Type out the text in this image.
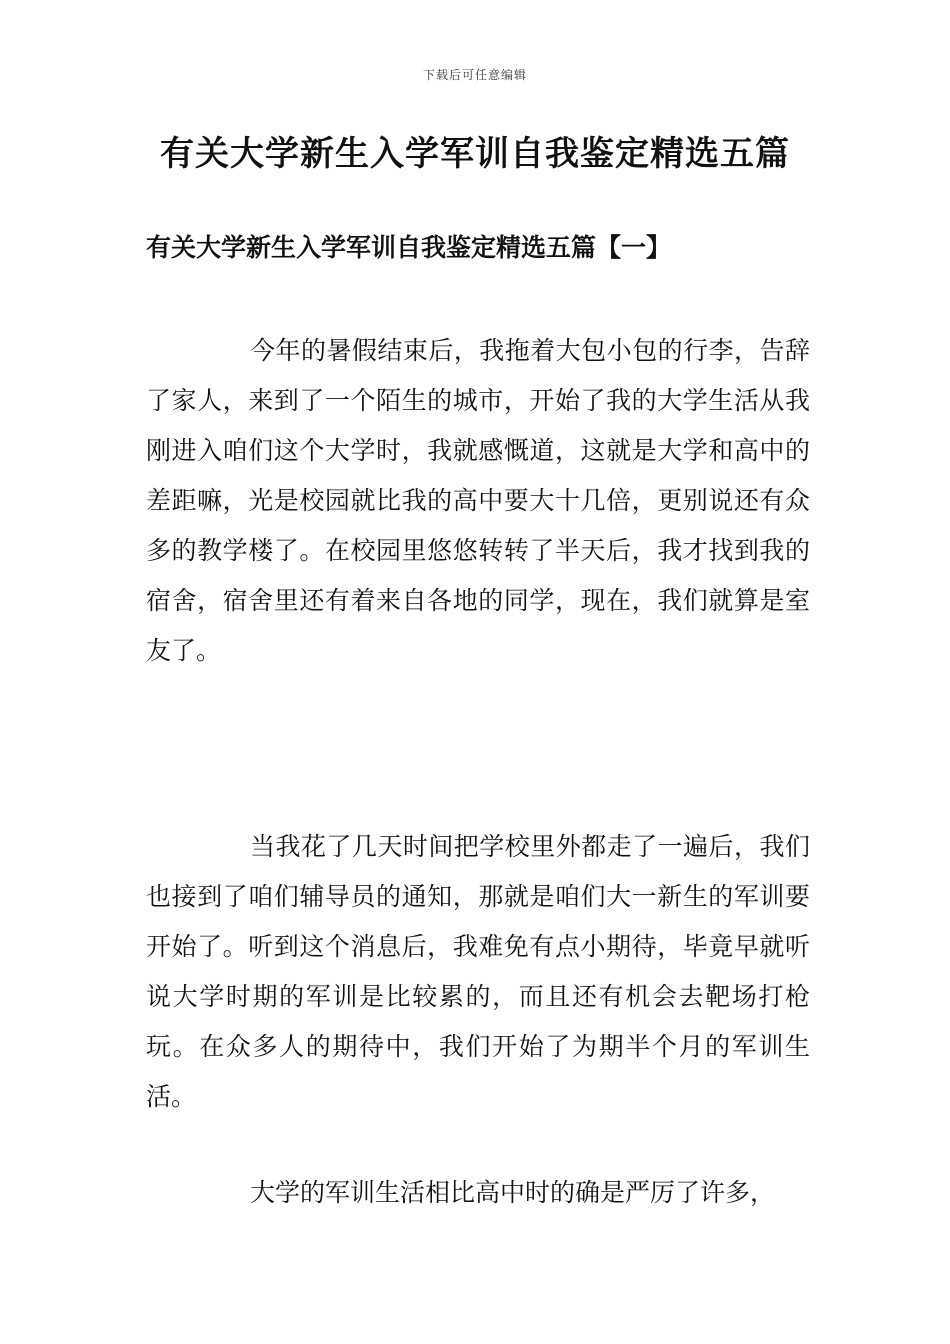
下载后可任意编辑
有关大学新生入学军训自我鉴定精选五篇
有关大学新生入学军训自我鉴定精选五篇【一】

今年的暑假结束后，我拖着大包小包的行李，告辞了家人，来到了一个陌生的城市，开始了我的大学生活从我刚进入咱们这个大学时，我就感慨道，这就是大学和高中的差距嘛，光是校园就比我的高中要大十几倍，更别说还有众多的教学楼了。在校园里悠悠转转了半天后，我才找到我的宿舍，宿舍里还有着来自各地的同学，现在，我们就算是室友了。

当我花了几天时间把学校里外都走了一遍后，我们也接到了咱们辅导员的通知，那就是咱们大一新生的军训要开始了。听到这个消息后，我难免有点小期待，毕竟早就听说大学时期的军训是比较累的，而且还有机会去靶场打枪玩。在众多人的期待中，我们开始了为期半个月的军训生活。

大学的军训生活相比高中时的确是严厉了许多，
